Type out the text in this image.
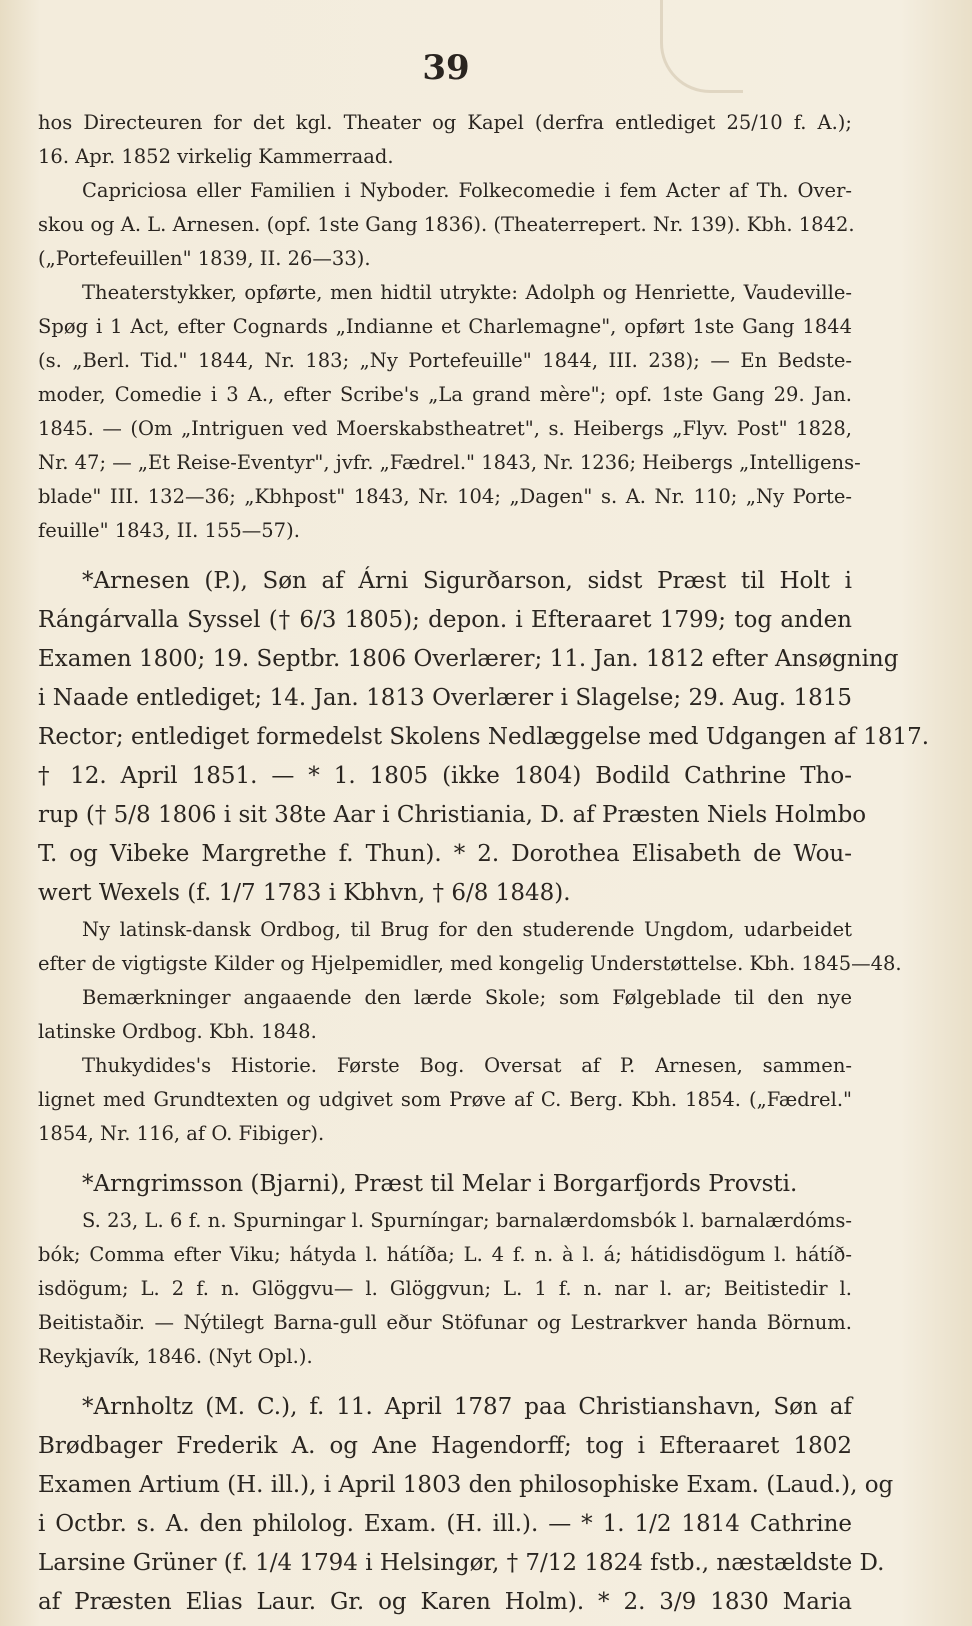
39
hos Directeuren for det kgl. Theater og Kapel (derfra entlediget 25/10 f. A.);
16. Apr. 1852 virkelig Kammerraad.
Capriciosa eller Familien i Nyboder. Folkecomedie i fem Acter af Th. Over-
skou og A. L. Arnesen. (opf. 1ste Gang 1836). (Theaterrepert. Nr. 139). Kbh. 1842.
(„Portefeuillen" 1839, II. 26—33).
Theaterstykker, opførte, men hidtil utrykte: Adolph og Henriette, Vaudeville-
Spøg i 1 Act, efter Cognards „Indianne et Charlemagne", opført 1ste Gang 1844
(s. „Berl. Tid." 1844, Nr. 183; „Ny Portefeuille" 1844, III. 238); — En Bedste-
moder, Comedie i 3 A., efter Scribe's „La grand mère"; opf. 1ste Gang 29. Jan.
1845. — (Om „Intriguen ved Moerskabstheatret", s. Heibergs „Flyv. Post" 1828,
Nr. 47; — „Et Reise-Eventyr", jvfr. „Fædrel." 1843, Nr. 1236; Heibergs „Intelligens-
blade" III. 132—36; „Kbhpost" 1843, Nr. 104; „Dagen" s. A. Nr. 110; „Ny Porte-
feuille" 1843, II. 155—57).
*Arnesen (P.), Søn af Árni Sigurðarson, sidst Præst til Holt i
Rángárvalla Syssel († 6/3 1805); depon. i Efteraaret 1799; tog anden
Examen 1800; 19. Septbr. 1806 Overlærer; 11. Jan. 1812 efter Ansøgning
i Naade entlediget; 14. Jan. 1813 Overlærer i Slagelse; 29. Aug. 1815
Rector; entlediget formedelst Skolens Nedlæggelse med Udgangen af 1817.
† 12. April 1851. — * 1. 1805 (ikke 1804) Bodild Cathrine Tho-
rup († 5/8 1806 i sit 38te Aar i Christiania, D. af Præsten Niels Holmbo
T. og Vibeke Margrethe f. Thun). * 2. Dorothea Elisabeth de Wou-
wert Wexels (f. 1/7 1783 i Kbhvn, † 6/8 1848).
Ny latinsk-dansk Ordbog, til Brug for den studerende Ungdom, udarbeidet
efter de vigtigste Kilder og Hjelpemidler, med kongelig Understøttelse. Kbh. 1845—48.
Bemærkninger angaaende den lærde Skole; som Følgeblade til den nye
latinske Ordbog. Kbh. 1848.
Thukydides's Historie. Første Bog. Oversat af P. Arnesen, sammen-
lignet med Grundtexten og udgivet som Prøve af C. Berg. Kbh. 1854. („Fædrel."
1854, Nr. 116, af O. Fibiger).
*Arngrimsson (Bjarni), Præst til Melar i Borgarfjords Provsti.
S. 23, L. 6 f. n. Spurningar l. Spurníngar; barnalærdomsbók l. barnalærdóms-
bók; Comma efter Viku; hátyda l. hátíða; L. 4 f. n. à l. á; hátidisdögum l. hátíð-
isdögum; L. 2 f. n. Glöggvu— l. Glöggvun; L. 1 f. n. nar l. ar; Beitistedir l.
Beitistaðir. — Nýtilegt Barna-gull eður Stöfunar og Lestrarkver handa Börnum.
Reykjavík, 1846. (Nyt Opl.).
*Arnholtz (M. C.), f. 11. April 1787 paa Christianshavn, Søn af
Brødbager Frederik A. og Ane Hagendorff; tog i Efteraaret 1802
Examen Artium (H. ill.), i April 1803 den philosophiske Exam. (Laud.), og
i Octbr. s. A. den philolog. Exam. (H. ill.). — * 1. 1/2 1814 Cathrine
Larsine Grüner (f. 1/4 1794 i Helsingør, † 7/12 1824 fstb., næstældste D.
af Præsten Elias Laur. Gr. og Karen Holm). * 2. 3/9 1830 Maria
